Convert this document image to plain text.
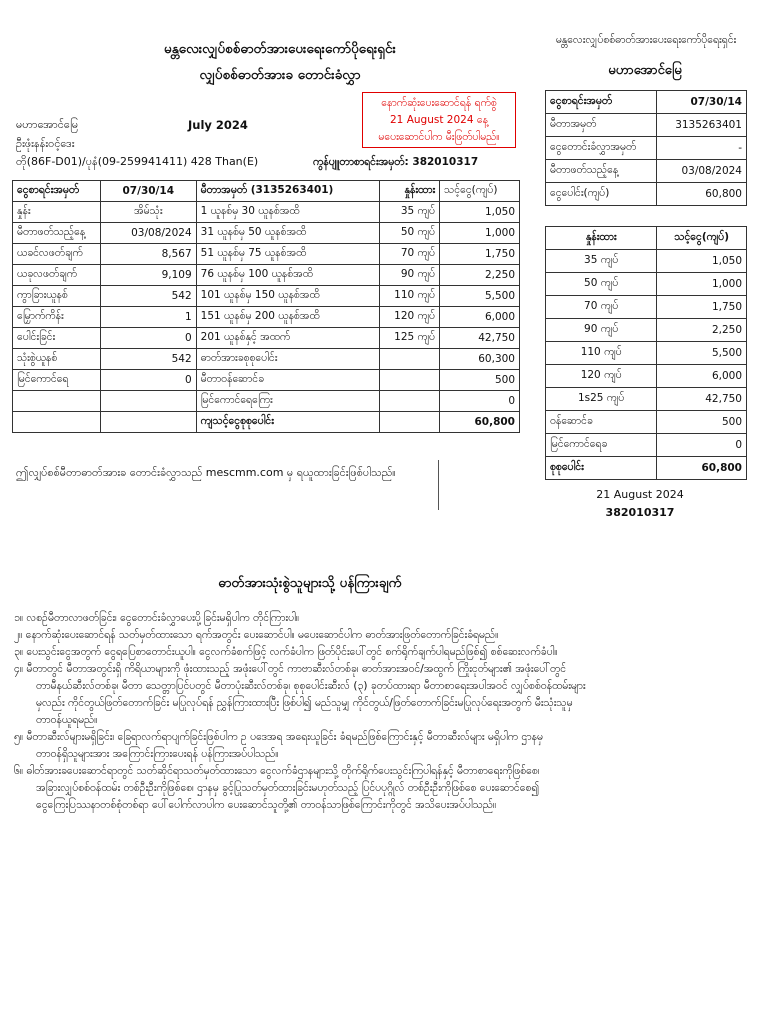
မန္တလေးလျှပ်စစ်ဓာတ်အားပေးရေးကော်ပိုရေးရှင်း
လျှပ်စစ်ဓာတ်အားခ တောင်းခံလွှာ
မန္တလေးလျှပ်စစ်ဓာတ်အားပေးရေးကော်ပိုရေးရှင်း
မဟာအောင်မြေ
မဟာအောင်မြေ
ဦးဖုံးနန်းဝင့်ဒေး
တို(86F-D01)/ပုနံ(09-259941411) 428 Than(E)
July 2024
နောက်ဆုံးပေးဆောင်ရန် ရက်စွဲ
21 August 2024 နေ့
မပေးဆောင်ပါက မီးဖြတ်ပါမည်။
ကွန်ပျူတာစာရင်းအမှတ်: 382010317
ငွေစာရင်းအမှတ်	07/30/14	မီတာအမှတ် (3135263401)	နှုန်းထား	သင့်ငွေ(ကျပ်)
နှုန်း	အိမ်သုံး	1 ယူနစ်မှ 30 ယူနစ်အထိ	35 ကျပ်	1,050
မီတာဖတ်သည့်နေ့	03/08/2024	31 ယူနစ်မှ 50 ယူနစ်အထိ	50 ကျပ်	1,000
ယခင်လဖတ်ချက်	8,567	51 ယူနစ်မှ 75 ယူနစ်အထိ	70 ကျပ်	1,750
ယခုလဖတ်ချက်	9,109	76 ယူနစ်မှ 100 ယူနစ်အထိ	90 ကျပ်	2,250
ကွာခြားယူနစ်	542	101 ယူနစ်မှ 150 ယူနစ်အထိ	110 ကျပ်	5,500
မြှောက်ကိန်း	1	151 ယူနစ်မှ 200 ယူနစ်အထိ	120 ကျပ်	6,000
ပေါင်းခြင်း	0	201 ယူနစ်နှင့် အထက်	125 ကျပ်	42,750
သုံးစွဲယူနစ်	542	ဓာတ်အားခစုစုပေါင်း		60,300
မြင်ကောင်ရေ	0	မီတာဝန်ဆောင်ခ		500
		မြင်ကောင်ရေကြေး		0
		ကျသင့်ငွေစုစုပေါင်း		60,800
ဤလျှပ်စစ်မီတာဓာတ်အားခ တောင်းခံလွှာသည် mescmm.com မှ ရယူထားခြင်းဖြစ်ပါသည်။
ငွေစာရင်းအမှတ်	07/30/14
မီတာအမှတ်	3135263401
ငွေတောင်းခံလွှာအမှတ်	-
မီတာဖတ်သည့်နေ့	03/08/2024
ငွေပေါင်း(ကျပ်)	60,800
နှုန်းထား	သင့်ငွေ(ကျပ်)
35 ကျပ်	1,050
50 ကျပ်	1,000
70 ကျပ်	1,750
90 ကျပ်	2,250
110 ကျပ်	5,500
120 ကျပ်	6,000
1s25 ကျပ်	42,750
ဝန်ဆောင်ခ	500
မြင်ကောင်ရေခ	0
စုစုပေါင်း	60,800
21 August 2024
382010317
ဓာတ်အားသုံးစွဲသူများသို့ ပန်ကြားချက်
၁။ လစဉ်မီတာလာဖတ်ခြင်း၊ ငွေတောင်းခံလွှာပေးပို့ခြင်းမရှိပါက တိုင်ကြားပါ။
၂။ နောက်ဆုံးပေးဆောင်ရန် သတ်မှတ်ထားသော ရက်အတွင်း ပေးဆောင်ပါ။ မပေးဆောင်ပါက ဓာတ်အားဖြတ်တောက်ခြင်းခံရမည်။
၃။ ပေးသွင်းငွေအတွက် ငွေရပြေစာတောင်းယူပါ။ ငွေလက်ခံစက်ဖြင့် လက်ခံပါက ဖြတ်ပိုင်းပေါ်တွင် စက်ရိုက်ချက်ပါရမည်ဖြစ်၍ စစ်ဆေးလက်ခံပါ။
၄။ မီတာတွင် မီတာအတွင်းရှိ ကိရိယာများကို ဖုံးထားသည့် အဖုံးပေါ်တွင် ကာဗာဆီးလ်တစ်ခု၊ ဓာတ်အားအဝင်/အထွက် ကြိုးငုတ်များ၏ အဖုံးပေါ်တွင်
တာမီနယ်ဆီးလ်တစ်ခု၊ မီတာ သေတ္တာပြင်ပတွင် မီတာပုံးဆီးလ်တစ်ခု၊ စုစုပေါင်းဆီးလ် (၃) ခုတပ်ထားရာ မီတာစာရေးအပါအဝင် လျှပ်စစ်ဝန်ထမ်းများ
မှလည်း ကိုင်တွယ်ဖြတ်တောက်ခြင်း မပြုလုပ်ရန် ညွှန်ကြားထားပြီး ဖြစ်ပါ၍ မည်သူမျှ ကိုင်တွယ်/ဖြတ်တောက်ခြင်းမပြုလုပ်ရေးအတွက် မီးသုံးသူမှ
တာဝန်ယူရမည်။
၅။ မီတာဆီးလ်များမရှိခြင်း၊ ခြေရာလက်ရာပျက်ခြင်းဖြစ်ပါက ဥ ပဒေအရ အရေးယူခြင်း ခံရမည်ဖြစ်ကြောင်းနှင့် မီတာဆီးလ်များ မရှိပါက ဌာနမှ
တာဝန်ရှိသူများအား အကြောင်းကြားပေးရန် ပန်ကြားအပ်ပါသည်။
၆။ ဓါတ်အားခပေးဆောင်ရာတွင် သတ်ဆိုင်ရာသတ်မှတ်ထားသော ငွေလက်ခံဌာနများသို့ တိုက်ရိုက်ပေးသွင်းကြပါရန်နှင့် မီတာစာရေးကိုဖြစ်စေ၊
အခြားလျှပ်စစ်ဝန်ထမ်း တစ်ဦးဦးကိုဖြစ်စေ၊ ဌာနမှ ခွင့်ပြုသတ်မှတ်ထားခြင်းမဟုတ်သည့် ပြင်ပပုဂ္ဂိုလ် တစ်ဦးဦးကိုဖြစ်စေ ပေးဆောင်စေ၍
ငွေကြေးပြဿနာတစ်စုံတစ်ရာ ပေါ်ပေါက်လာပါက ပေးဆောင်သူတို့၏ တာဝန်သာဖြစ်ကြောင်းကိုတွင် အသိပေးအပ်ပါသည်။
